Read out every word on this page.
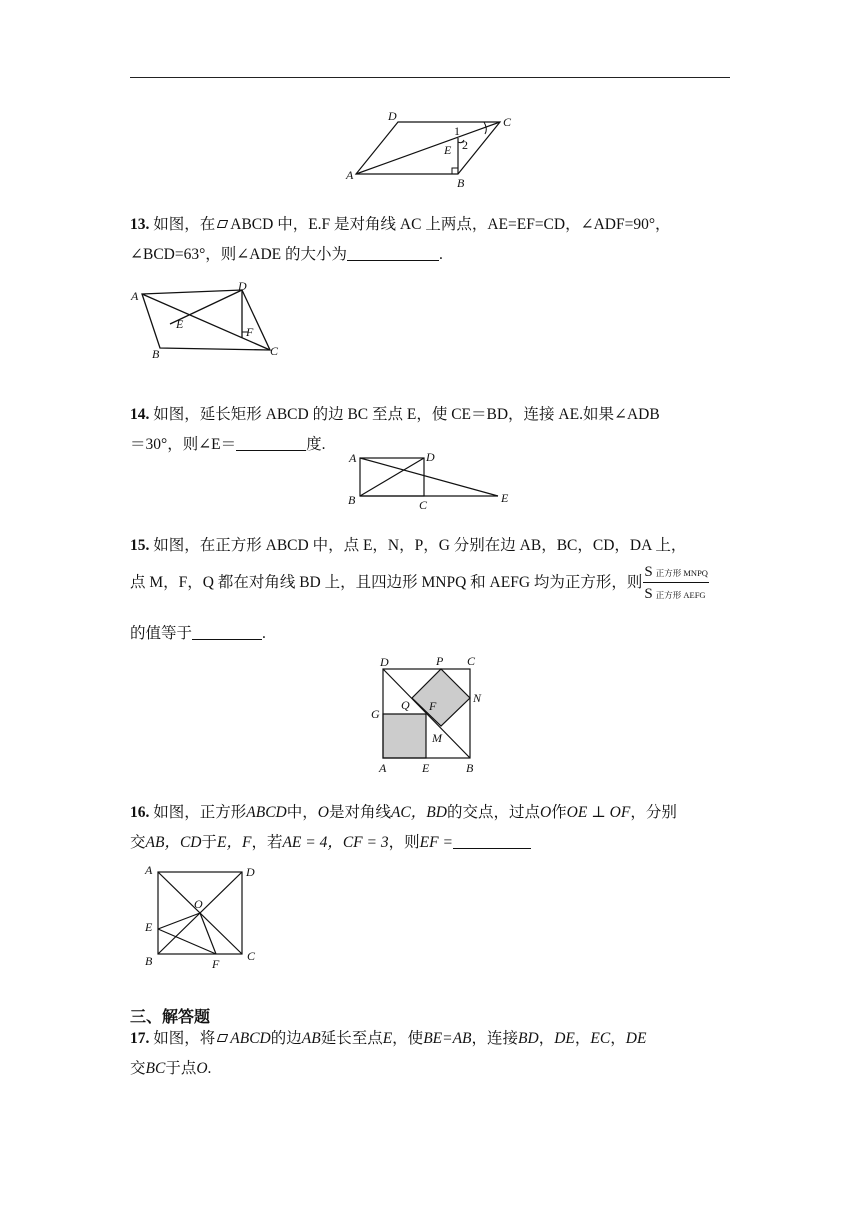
D	C
A
B
E
1
2
13. 如图，在 ABCD 中，E.F 是对角线 AC 上两点，AE=EF=CD，∠ADF=90°，
∠BCD=63°，则∠ADE 的大小为	.
A
D
E
F
B	C
14. 如图，延长矩形 ABCD 的边 BC 至点 E，使 CE＝BD，连接 AE.如果∠ADB
＝30°，则∠E＝	度.
A	D
B	C	E
15. 如图，在正方形 ABCD 中，点 E，N，P，G 分别在边 AB，BC，CD，DA 上，
点 M，F，Q 都在对角线 BD 上，且四边形 MNPQ 和 AEFG 均为正方形，则 $\frac{\text{S 正方形 MNPQ}}{\text{S 正方形 AEFG}}$
的值等于	.
D	P C
N
G
Q F
M
A	E	B
16. 如图，正方形ABCD中，O是对角线AC，BD的交点，过点O作OE ⊥ OF，分别
交AB，CD于E，F，若AE = 4，CF = 3，则EF =
A	D
O
E
B	F
C
三、解答题
17. 如图，将 ABCD的边AB延长至点E，使BE=AB，连接BD，DE，EC，DE
交BC于点O.
